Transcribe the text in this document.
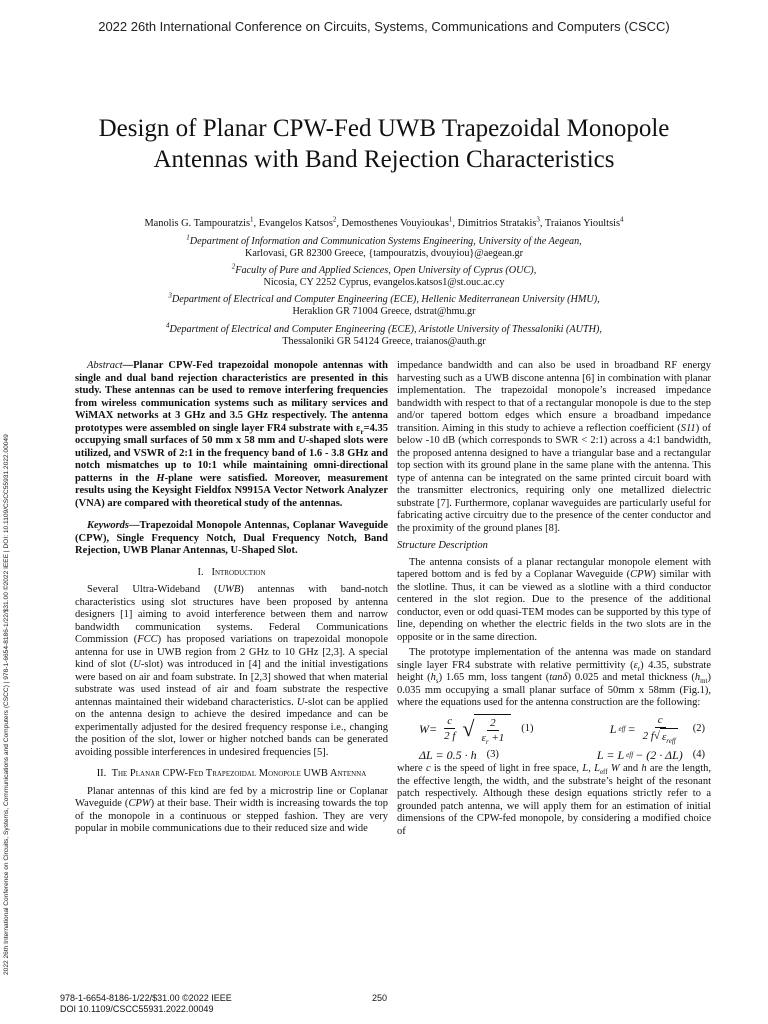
2022 26th International Conference on Circuits, Systems, Communications and Computers (CSCC)
2022 26th International Conference on Circuits, Systems, Communications and Computers (CSCC) | 978-1-6654-8186-1/22/$31.00 ©2022 IEEE | DOI: 10.1109/CSCC55931.2022.00049
Design of Planar CPW-Fed UWB Trapezoidal Monopole Antennas with Band Rejection Characteristics
Manolis G. Tampouratzis$^1$, Evangelos Katsos$^2$, Demosthenes Vouyioukas$^1$, Dimitrios Stratakis$^3$, Traianos Yioultsis$^4$
$^1$Department of Information and Communication Systems Engineering, University of the Aegean,
Karlovasi, GR 82300 Greece, {tampouratzis, dvouyiou}@aegean.gr
$^2$Faculty of Pure and Applied Sciences, Open University of Cyprus (OUC),
Nicosia, CY 2252 Cyprus, evangelos.katsos1@st.ouc.ac.cy
$^3$Department of Electrical and Computer Engineering (ECE), Hellenic Mediterranean University (HMU),
Heraklion GR 71004 Greece, dstrat@hmu.gr
$^4$Department of Electrical and Computer Engineering (ECE), Aristotle University of Thessaloniki (AUTH),
Thessaloniki GR 54124 Greece, traianos@auth.gr

Abstract—Planar CPW-Fed trapezoidal monopole antennas with single and dual band rejection characteristics are presented in this study. These antennas can be used to remove interfering frequencies from wireless communication systems such as military services and WiMAX networks at 3 GHz and 3.5 GHz respectively. The antenna prototypes were assembled on single layer FR4 substrate with $\varepsilon_r=4.35$ occupying small surfaces of 50 mm x 58 mm and U-shaped slots were utilized, and VSWR of 2:1 in the frequency band of 1.6 - 3.8 GHz and notch mismatches up to 10:1 while maintaining omni-directional patterns in the H-plane were satisfied. Moreover, measurement results using the Keysight Fieldfox N9915A Vector Network Analyzer (VNA) are compared with theoretical study of the antennas.

Keywords—Trapezoidal Monopole Antennas, Coplanar Waveguide (CPW), Single Frequency Notch, Dual Frequency Notch, Band Rejection, UWB Planar Antennas, U-Shaped Slot.

I. Introduction

Several Ultra-Wideband (UWB) antennas with band-notch characteristics using slot structures have been proposed by antenna designers [1] aiming to avoid interference between them and narrow bandwidth communication systems. Federal Communications Commission (FCC) has proposed variations on trapezoidal monopole antenna for use in UWB region from 2 GHz to 10 GHz [2,3]. A special kind of slot (U-slot) was introduced in [4] and the initial investigations were based on air and foam substrate. In [2,3] showed that when material substrate was used instead of air and foam substrate the respective antennas maintained their wideband characteristics. U-slot can be applied on the antenna design to achieve the desired impedance and can be experimentally adjusted for the desired frequency response i.e., changing the position of the slot, lower or higher notched bands can be generated avoiding possible interferences in undesired frequencies [5].

II. The Planar CPW-Fed Trapezoidal Monopole UWB Antenna

Planar antennas of this kind are fed by a microstrip line or Coplanar Waveguide (CPW) at their base. Their width is increasing towards the top of the monopole in a continuous or stepped fashion. They are very popular in mobile communications due to their reduced size and wide

impedance bandwidth and can also be used in broadband RF energy harvesting such as a UWB discone antenna [6] in combination with planar implementation. The trapezoidal monopole’s increased impedance bandwidth with respect to that of a rectangular monopole is due to the step and/or tapered bottom edges which ensure a broadband impedance transition. Aiming in this study to achieve a reflection coefficient (S11) of below -10 dB (which corresponds to SWR < 2:1) across a 4:1 bandwidth, the proposed antenna designed to have a triangular base and a rectangular top section with its ground plane in the same plane with the antenna. This type of antenna can be integrated on the same printed circuit board with the transmitter electronics, requiring only one metallized dielectric substrate [7]. Furthermore, coplanar waveguides are particularly useful for fabricating active circuitry due to the presence of the center conductor and the proximity of the ground planes [8].

Structure Description

The antenna consists of a planar rectangular monopole element with tapered bottom and is fed by a Coplanar Waveguide (CPW) similar with the slotline. Thus, it can be viewed as a slotline with a third conductor centered in the slot region. Due to the presence of the additional conductor, even or odd quasi-TEM modes can be supported by this type of line, depending on whether the electric fields in the two slots are in the opposite or in the same direction.

The prototype implementation of the antenna was made on standard single layer FR4 substrate with relative permittivity $(\varepsilon_r)$ 4.35, substrate height $(h_s)$ 1.65 mm, loss tangent (tanδ) 0.025 and metal thickness $(h_{mt})$ 0.035 mm occupying a small planar surface of 50mm x 58mm (Fig.1), where the equations used for the antenna construction are the following:

$W= \frac{c}{2 f}$ √ $\frac{2}{\varepsilon_r +1} (1)$	L eff = $\frac{c}{2 f √ \varepsilon_{reff}} (2)$
ΔL = 0.5 · h (3)	L = L eff − (2 · ΔL) (4)

where c is the speed of light in free space, L, $L_{eff}$ W and h are the length, the effective length, the width, and the substrate’s height of the resonant patch respectively. Although these design equations strictly refer to a grounded patch antenna, we will apply them for an estimation of initial dimensions of the CPW-fed monopole, by considering a modified choice of

978-1-6654-8186-1/22/$31.00 ©2022 IEEE
DOI 10.1109/CSCC55931.2022.00049
250
